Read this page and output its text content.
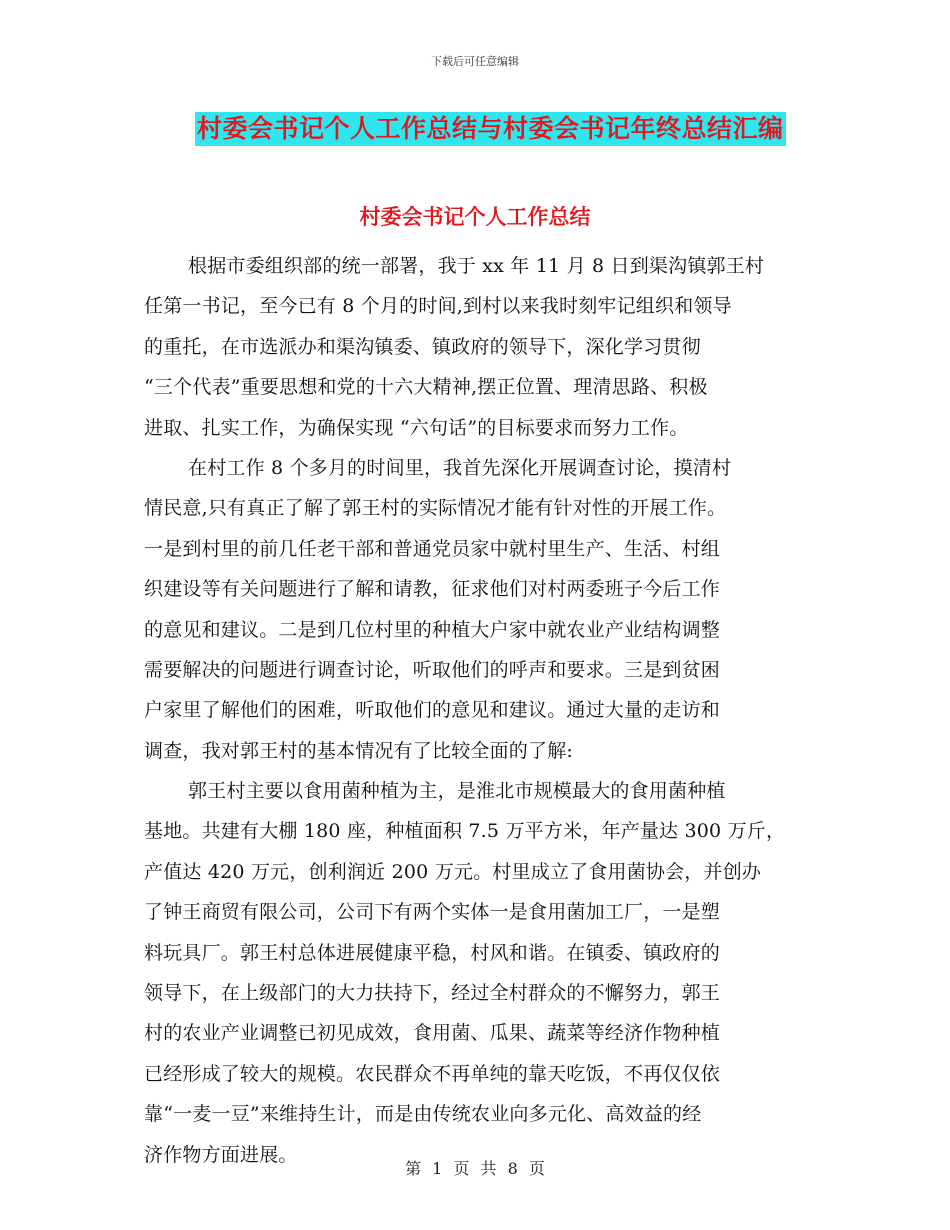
下载后可任意编辑
村委会书记个人工作总结与村委会书记年终总结汇编
村委会书记个人工作总结
根据市委组织部的统一部署，我于 xx 年 11 月 8 日到渠沟镇郭王村
任第一书记，至今已有 8 个月的时间,到村以来我时刻牢记组织和领导
的重托，在市选派办和渠沟镇委、镇政府的领导下，深化学习贯彻
“三个代表”重要思想和党的十六大精神,摆正位置、理清思路、积极
进取、扎实工作，为确保实现 “六句话”的目标要求而努力工作。
在村工作 8 个多月的时间里，我首先深化开展调查讨论，摸清村
情民意,只有真正了解了郭王村的实际情况才能有针对性的开展工作。
一是到村里的前几任老干部和普通党员家中就村里生产、生活、村组
织建设等有关问题进行了解和请教，征求他们对村两委班子今后工作
的意见和建议。二是到几位村里的种植大户家中就农业产业结构调整
需要解决的问题进行调查讨论，听取他们的呼声和要求。三是到贫困
户家里了解他们的困难，听取他们的意见和建议。通过大量的走访和
调查，我对郭王村的基本情况有了比较全面的了解:
郭王村主要以食用菌种植为主，是淮北市规模最大的食用菌种植
基地。共建有大棚 180 座，种植面积 7.5 万平方米，年产量达 300 万斤，
产值达 420 万元，创利润近 200 万元。村里成立了食用菌协会，并创办
了钟王商贸有限公司，公司下有两个实体一是食用菌加工厂，一是塑
料玩具厂。郭王村总体进展健康平稳，村风和谐。在镇委、镇政府的
领导下，在上级部门的大力扶持下，经过全村群众的不懈努力，郭王
村的农业产业调整已初见成效，食用菌、瓜果、蔬菜等经济作物种植
已经形成了较大的规模。农民群众不再单纯的靠天吃饭，不再仅仅依
靠“一麦一豆”来维持生计，而是由传统农业向多元化、高效益的经
济作物方面进展。
第 1 页 共 8 页
